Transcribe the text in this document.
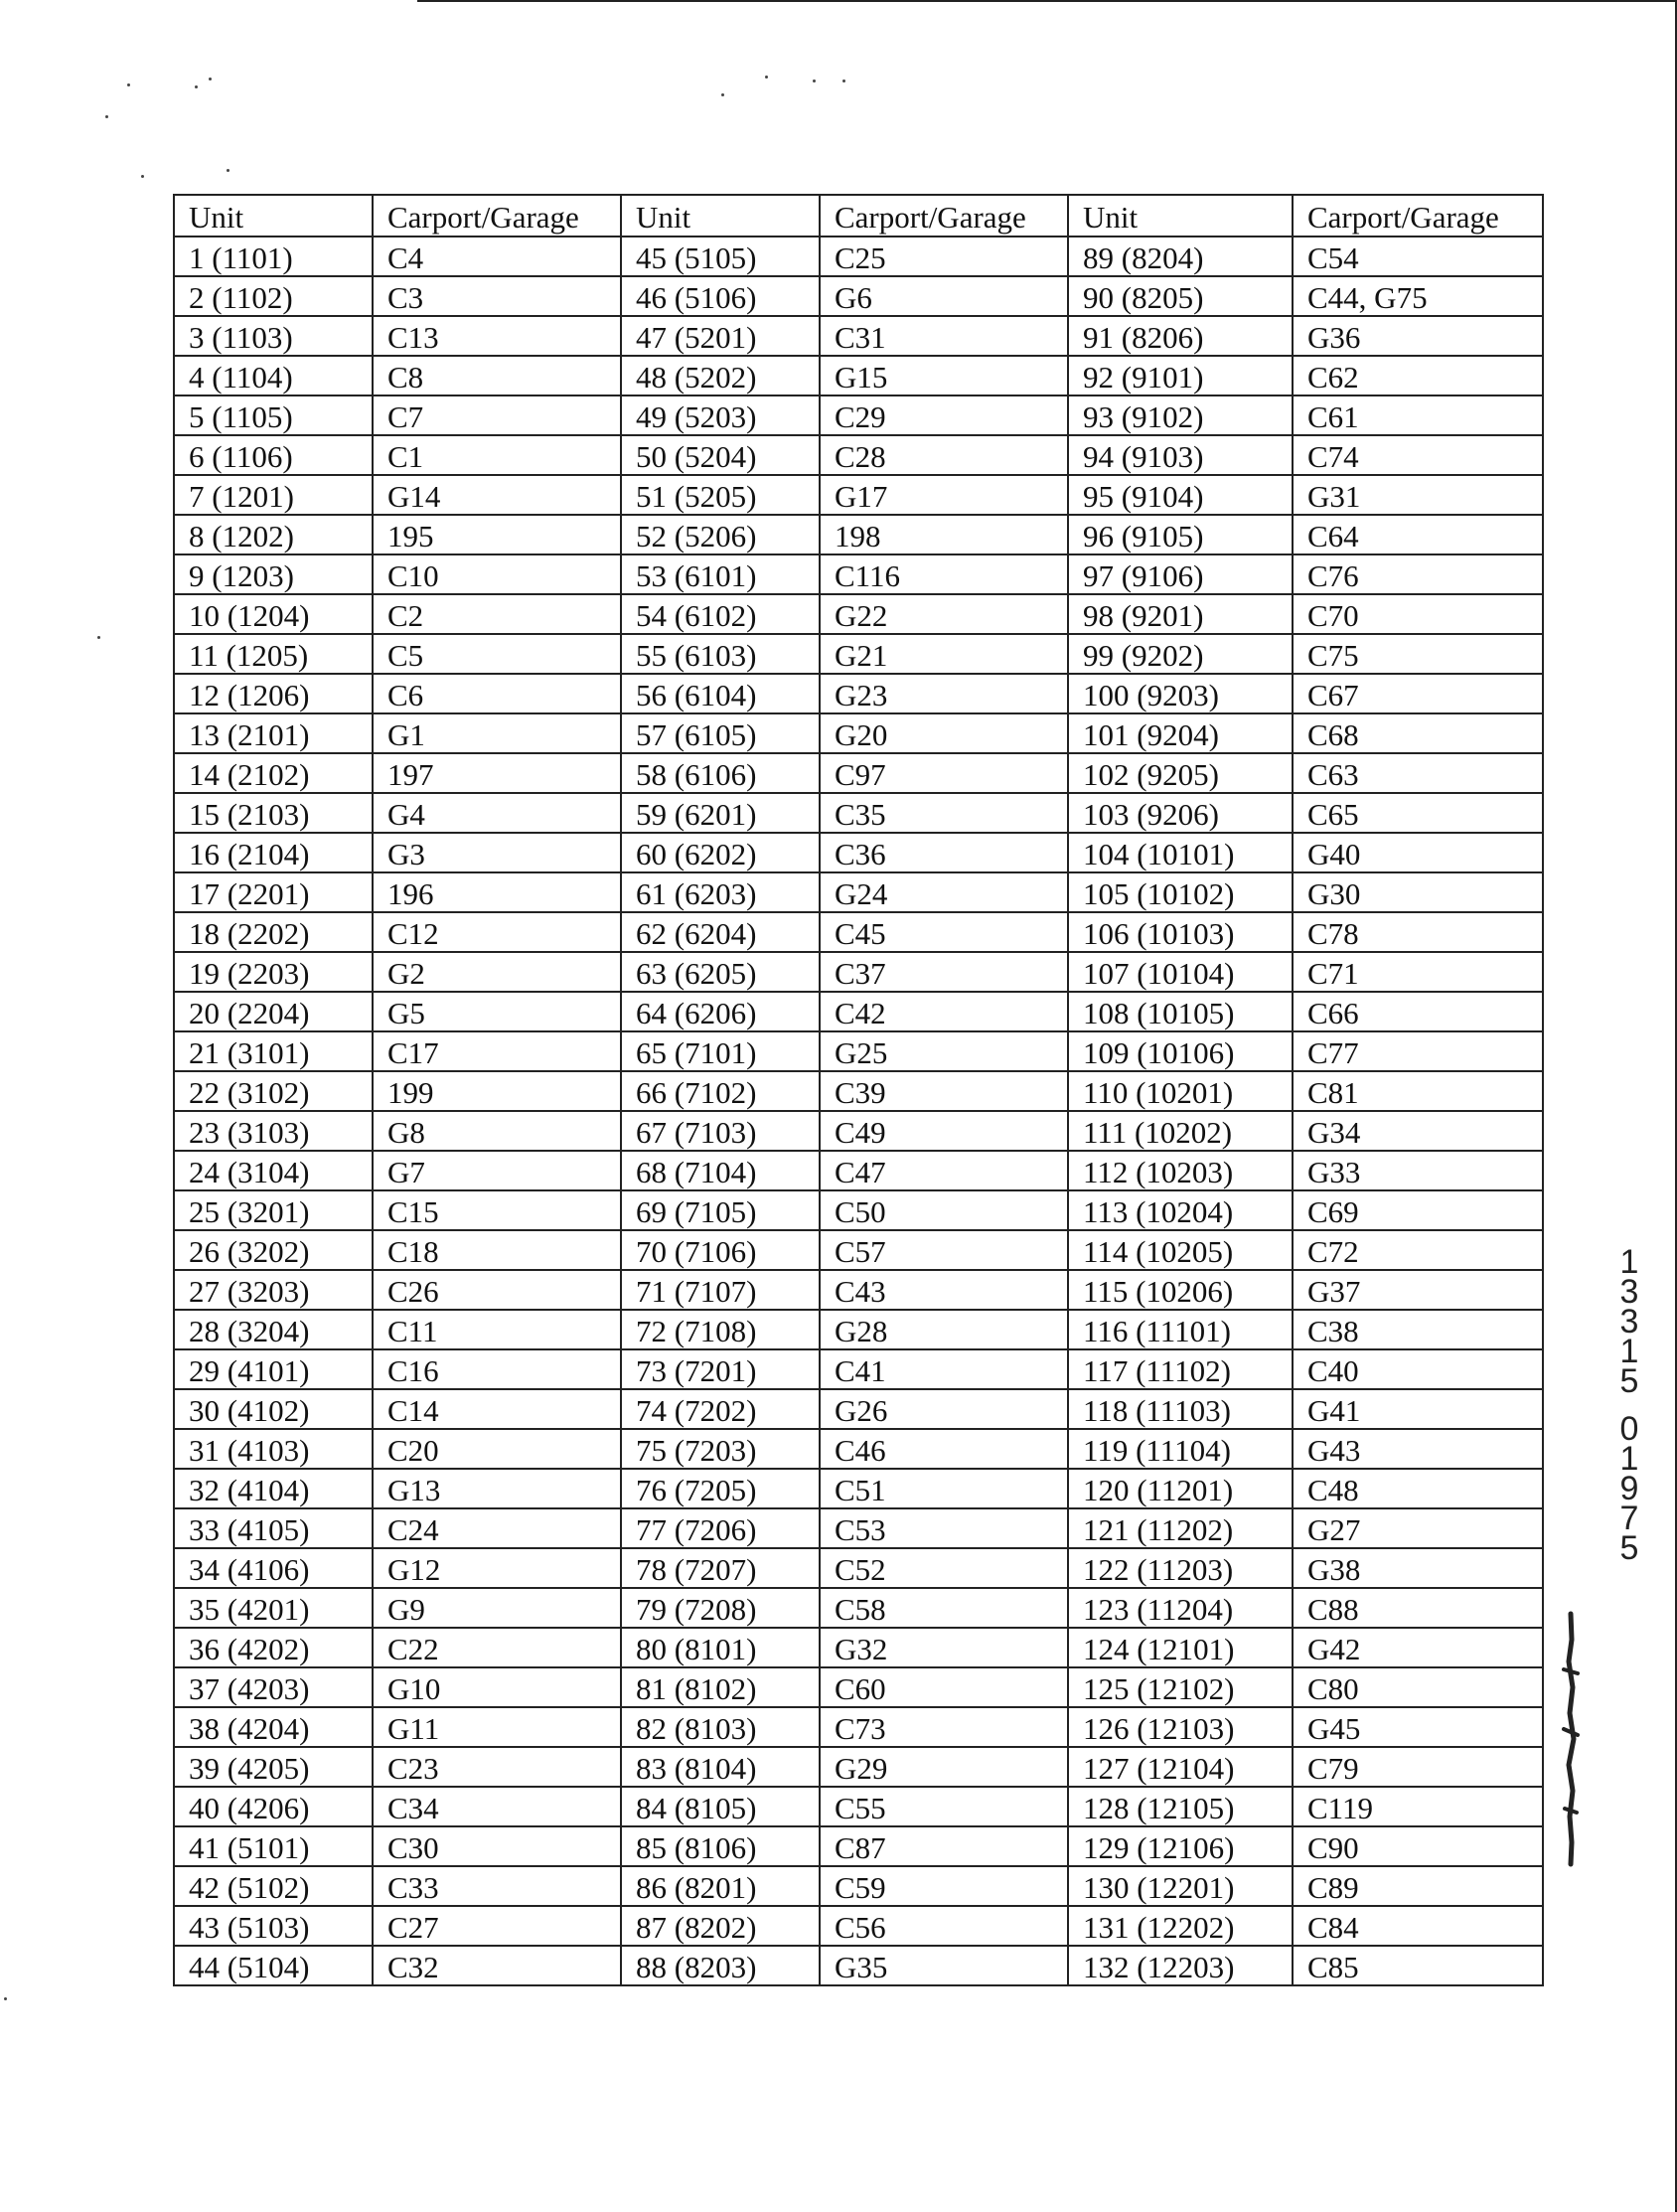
Unit	Carport/Garage	Unit	Carport/Garage	Unit	Carport/Garage
1 (1101)	C4	45 (5105)	C25	89 (8204)	C54
2 (1102)	C3	46 (5106)	G6	90 (8205)	C44, G75
3 (1103)	C13	47 (5201)	C31	91 (8206)	G36
4 (1104)	C8	48 (5202)	G15	92 (9101)	C62
5 (1105)	C7	49 (5203)	C29	93 (9102)	C61
6 (1106)	C1	50 (5204)	C28	94 (9103)	C74
7 (1201)	G14	51 (5205)	G17	95 (9104)	G31
8 (1202)	195	52 (5206)	198	96 (9105)	C64
9 (1203)	C10	53 (6101)	C116	97 (9106)	C76
10 (1204)	C2	54 (6102)	G22	98 (9201)	C70
11 (1205)	C5	55 (6103)	G21	99 (9202)	C75
12 (1206)	C6	56 (6104)	G23	100 (9203)	C67
13 (2101)	G1	57 (6105)	G20	101 (9204)	C68
14 (2102)	197	58 (6106)	C97	102 (9205)	C63
15 (2103)	G4	59 (6201)	C35	103 (9206)	C65
16 (2104)	G3	60 (6202)	C36	104 (10101)	G40
17 (2201)	196	61 (6203)	G24	105 (10102)	G30
18 (2202)	C12	62 (6204)	C45	106 (10103)	C78
19 (2203)	G2	63 (6205)	C37	107 (10104)	C71
20 (2204)	G5	64 (6206)	C42	108 (10105)	C66
21 (3101)	C17	65 (7101)	G25	109 (10106)	C77
22 (3102)	199	66 (7102)	C39	110 (10201)	C81
23 (3103)	G8	67 (7103)	C49	111 (10202)	G34
24 (3104)	G7	68 (7104)	C47	112 (10203)	G33
25 (3201)	C15	69 (7105)	C50	113 (10204)	C69
26 (3202)	C18	70 (7106)	C57	114 (10205)	C72
27 (3203)	C26	71 (7107)	C43	115 (10206)	G37
28 (3204)	C11	72 (7108)	G28	116 (11101)	C38
29 (4101)	C16	73 (7201)	C41	117 (11102)	C40
30 (4102)	C14	74 (7202)	G26	118 (11103)	G41
31 (4103)	C20	75 (7203)	C46	119 (11104)	G43
32 (4104)	G13	76 (7205)	C51	120 (11201)	C48
33 (4105)	C24	77 (7206)	C53	121 (11202)	G27
34 (4106)	G12	78 (7207)	C52	122 (11203)	G38
35 (4201)	G9	79 (7208)	C58	123 (11204)	C88
36 (4202)	C22	80 (8101)	G32	124 (12101)	G42
37 (4203)	G10	81 (8102)	C60	125 (12102)	C80
38 (4204)	G11	82 (8103)	C73	126 (12103)	G45
39 (4205)	C23	83 (8104)	G29	127 (12104)	C79
40 (4206)	C34	84 (8105)	C55	128 (12105)	C119
41 (5101)	C30	85 (8106)	C87	129 (12106)	C90
42 (5102)	C33	86 (8201)	C59	130 (12201)	C89
43 (5103)	C27	87 (8202)	C56	131 (12202)	C84
44 (5104)	C32	88 (8203)	G35	132 (12203)	C85
1
3
3
1
5
0
1
9
7
5
